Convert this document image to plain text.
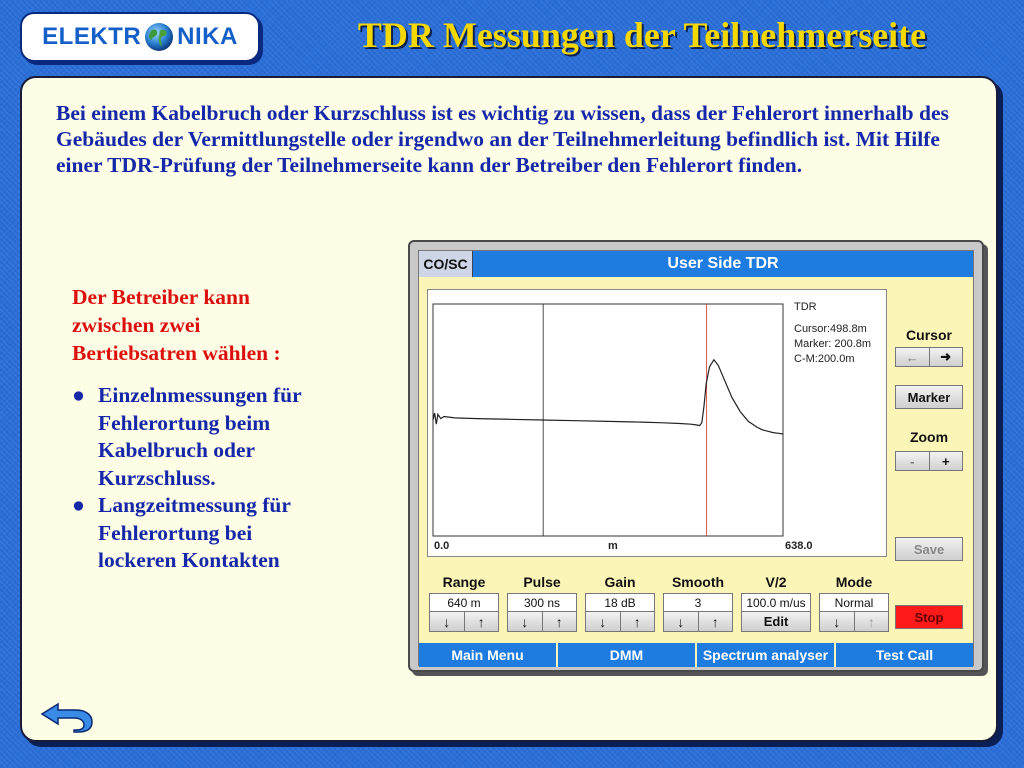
ELEKTR NIKA	TDR Messungen der Teilnehmerseite
Bei einem Kabelbruch oder Kurzschluss ist es wichtig zu wissen, dass der Fehlerort innerhalb des Gebäudes der Vermittlungstelle oder irgendwo an der Teilnehmerleitung befindlich ist. Mit Hilfe einer TDR-Prüfung der Teilnehmerseite kann der Betreiber den Fehlerort finden.
Der Betreiber kann
zwischen zwei
Bertiebsatren wählen :
● Einzelnmessungen für
Fehlerortung beim
Kabelbruch oder
Kurzschluss.
● Langzeitmessung für
Fehlerortung bei
lockeren Kontakten
CO/SC	User Side TDR
TDR
Cursor:498.8m
Marker: 200.8m
C-M:200.0m
0.0	m	638.0
Cursor
←	➜
Marker
Zoom
-	+
Save
Range
640 m
↓	↑
Pulse
300 ns
↓	↑
Gain
18 dB
↓	↑
Smooth
3
↓	↑
V/2
100.0 m/us
Edit
Mode
Normal
↓	↑	Stop
Main Menu	DMM	Spectrum analyser	Test Call
